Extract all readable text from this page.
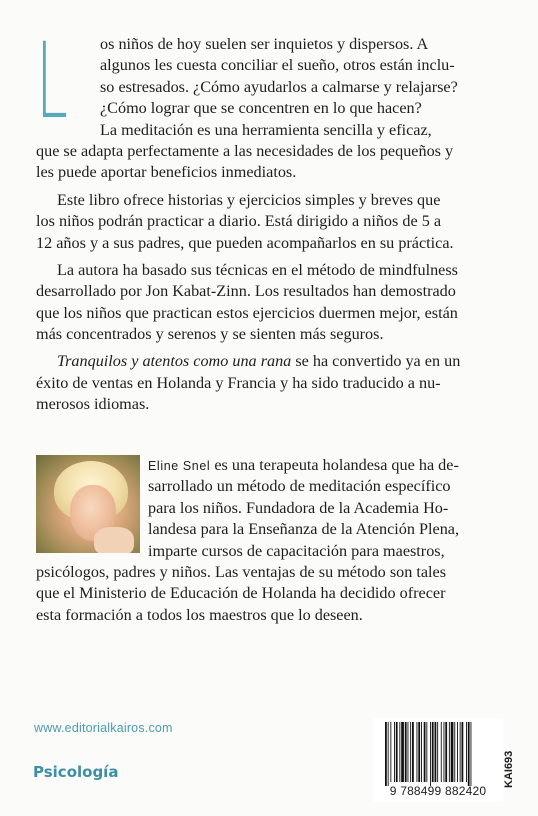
L	os niños de hoy suelen ser inquietos y dispersos. A
algunos les cuesta conciliar el sueño, otros están inclu-
so estresados. ¿Cómo ayudarlos a calmarse y relajarse?
¿Cómo lograr que se concentren en lo que hacen?
La meditación es una herramienta sencilla y eficaz,
que se adapta perfectamente a las necesidades de los pequeños y
les puede aportar beneficios inmediatos.
Este libro ofrece historias y ejercicios simples y breves que
los niños podrán practicar a diario. Está dirigido a niños de 5 a
12 años y a sus padres, que pueden acompañarlos en su práctica.
La autora ha basado sus técnicas en el método de mindfulness
desarrollado por Jon Kabat-Zinn. Los resultados han demostrado
que los niños que practican estos ejercicios duermen mejor, están
más concentrados y serenos y se sienten más seguros.
Tranquilos y atentos como una rana se ha convertido ya en un
éxito de ventas en Holanda y Francia y ha sido traducido a nu-
merosos idiomas.
Eline Snel es una terapeuta holandesa que ha de-
sarrollado un método de meditación específico
para los niños. Fundadora de la Academia Ho-
landesa para la Enseñanza de la Atención Plena,
imparte cursos de capacitación para maestros,
psicólogos, padres y niños. Las ventajas de su método son tales
que el Ministerio de Educación de Holanda ha decidido ofrecer
esta formación a todos los maestros que lo deseen.
www.editorialkairos.com
Psicología
9 788499 882420
KAI693
